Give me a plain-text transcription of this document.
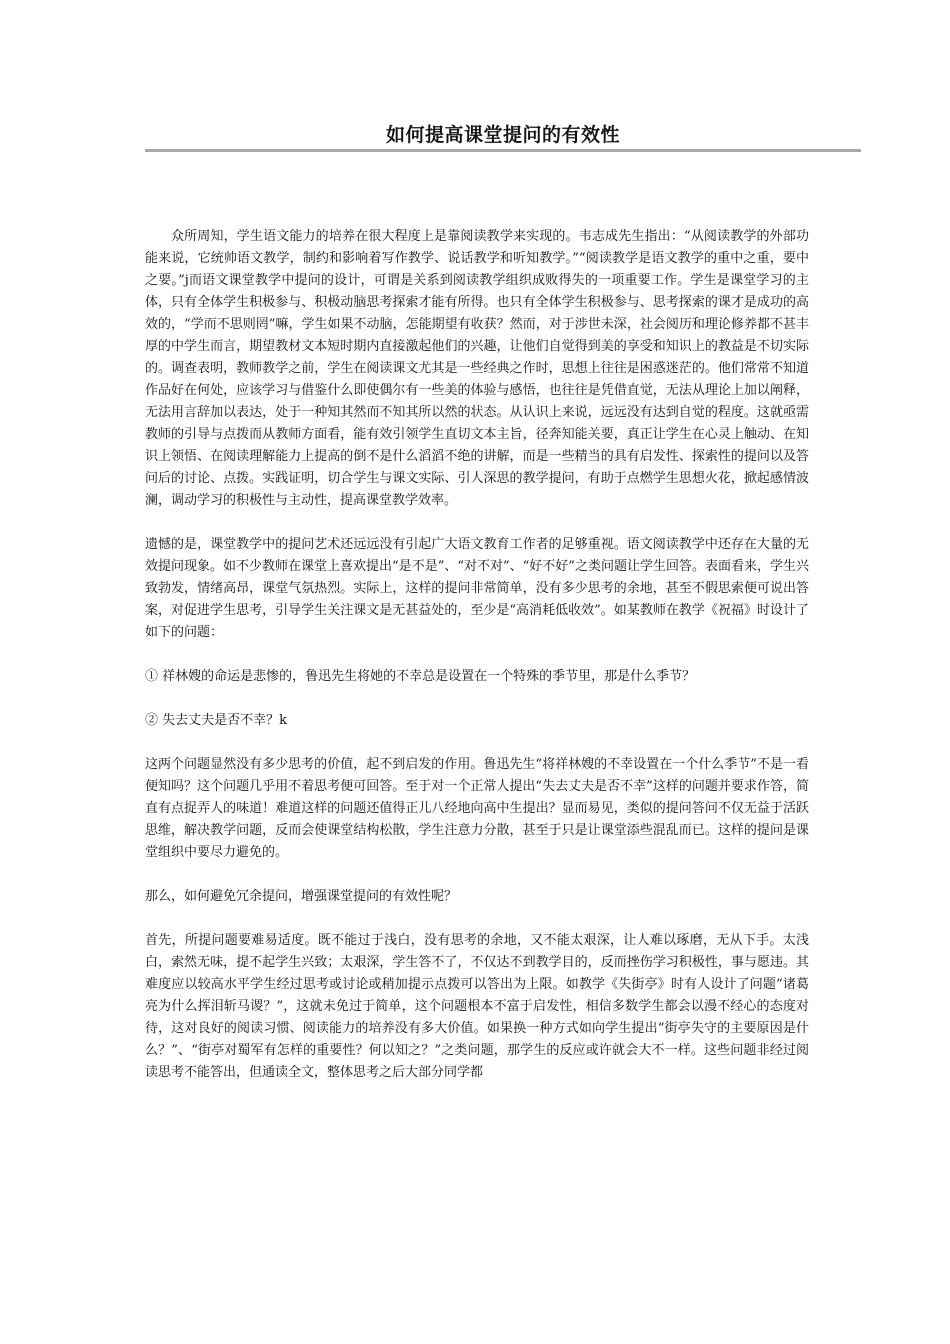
如何提高课堂提问的有效性

众所周知，学生语文能力的培养在很大程度上是靠阅读教学来实现的。韦志成先生指出：“从阅读教学的外部功能来说，它统帅语文教学，制约和影响着写作教学、说话教学和听知教学。”“阅读教学是语文教学的重中之重，要中之要。”j而语文课堂教学中提问的设计，可谓是关系到阅读教学组织成败得失的一项重要工作。学生是课堂学习的主体，只有全体学生积极参与、积极动脑思考探索才能有所得。也只有全体学生积极参与、思考探索的课才是成功的高效的，“学而不思则罔”嘛，学生如果不动脑，怎能期望有收获？然而，对于涉世未深，社会阅历和理论修养都不甚丰厚的中学生而言，期望教材文本短时期内直接激起他们的兴趣，让他们自觉得到美的享受和知识上的教益是不切实际的。调查表明，教师教学之前，学生在阅读课文尤其是一些经典之作时，思想上往往是困惑迷茫的。他们常常不知道作品好在何处，应该学习与借鉴什么即使偶尔有一些美的体验与感悟，也往往是凭借直觉，无法从理论上加以阐释，无法用言辞加以表达，处于一种知其然而不知其所以然的状态。从认识上来说，远远没有达到自觉的程度。这就亟需教师的引导与点拨而从教师方面看，能有效引领学生直切文本主旨，径奔知能关要，真正让学生在心灵上触动、在知识上领悟、在阅读理解能力上提高的倒不是什么滔滔不绝的讲解，而是一些精当的具有启发性、探索性的提问以及答问后的讨论、点拨。实践证明，切合学生与课文实际、引人深思的教学提问，有助于点燃学生思想火花，掀起感情波澜，调动学习的积极性与主动性，提高课堂教学效率。

遗憾的是，课堂教学中的提问艺术还远远没有引起广大语文教育工作者的足够重视。语文阅读教学中还存在大量的无效提问现象。如不少教师在课堂上喜欢提出“是不是”、“对不对”、“好不好”之类问题让学生回答。表面看来，学生兴致勃发，情绪高昂，课堂气氛热烈。实际上，这样的提问非常简单，没有多少思考的余地，甚至不假思索便可说出答案，对促进学生思考，引导学生关注课文是无甚益处的，至少是“高消耗低收效”。如某教师在教学《祝福》时设计了如下的问题：

① 祥林嫂的命运是悲惨的，鲁迅先生将她的不幸总是设置在一个特殊的季节里，那是什么季节？

② 失去丈夫是否不幸？k

这两个问题显然没有多少思考的价值，起不到启发的作用。鲁迅先生“将祥林嫂的不幸设置在一个什么季节”不是一看便知吗？这个问题几乎用不着思考便可回答。至于对一个正常人提出“失去丈夫是否不幸”这样的问题并要求作答，简直有点捉弄人的味道！难道这样的问题还值得正儿八经地向高中生提出？显而易见，类似的提问答问不仅无益于活跃思维，解决教学问题，反而会使课堂结构松散，学生注意力分散，甚至于只是让课堂添些混乱而已。这样的提问是课堂组织中要尽力避免的。

那么，如何避免冗余提问，增强课堂提问的有效性呢？

首先，所提问题要难易适度。既不能过于浅白，没有思考的余地，又不能太艰深，让人难以琢磨，无从下手。太浅白，索然无味，提不起学生兴致；太艰深，学生答不了，不仅达不到教学目的，反而挫伤学习积极性，事与愿违。其难度应以较高水平学生经过思考或讨论或稍加提示点拨可以答出为上限。如教学《失街亭》时有人设计了问题“诸葛亮为什么挥泪斩马谡？”，这就未免过于简单，这个问题根本不富于启发性，相信多数学生都会以漫不经心的态度对待，这对良好的阅读习惯、阅读能力的培养没有多大价值。如果换一种方式如向学生提出“街亭失守的主要原因是什么？”、“街亭对蜀军有怎样的重要性？何以知之？”之类问题，那学生的反应或许就会大不一样。这些问题非经过阅读思考不能答出，但通读全文，整体思考之后大部分同学都
